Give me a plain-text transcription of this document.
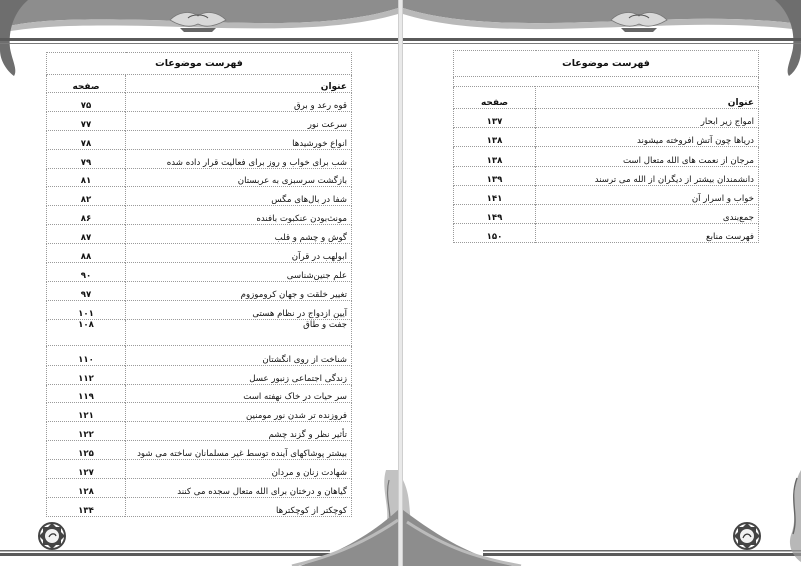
فهرست موضوعات	
عنوان	صفحه
قوه رعد و برق	۷۵
سرعت نور	۷۷
انواع خورشیدها	۷۸
شب برای خواب و روز برای فعالیت قرار داده شده	۷۹
بازگشت سرسبزی به عربستان	۸۱
شفا در بال‌های مگس	۸۲
مونث‌بودن عنکبوت بافنده	۸۶
گوش و چشم و قلب	۸۷
ابولهب در قرآن	۸۸
علم جنین‌شناسی	۹۰
تغییر خلقت و جهان کروموزوم	۹۷
آیین ازدواج در نظام هستی	۱۰۱
جفت و طاق	۱۰۸
شناخت از روی انگشتان	۱۱۰
زندگی اجتماعی زنبور عسل	۱۱۲
سر حیات در خاک نهفته است	۱۱۹
فروزنده تر شدن نور مومنین	۱۲۱
تأثیر نظر و گزند چشم	۱۲۲
بیشتر پوشاکهای آینده توسط غیر مسلمانان ساخته می شود	۱۲۵
شهادت زنان و مردان	۱۲۷
گیاهان و درختان برای الله متعال سجده می کنند	۱۲۸
کوچکتر از کوچکترها	۱۳۴
فهرست موضوعات	

عنوان	صفحه
امواج زیر ابحار	۱۳۷
دریاها چون آتش افروخته میشوند	۱۳۸
مرجان از نعمت های الله متعال است	۱۳۸
دانشمندان بیشتر از دیگران از الله می ترسند	۱۳۹
خواب و اسرار آن	۱۴۱
جمع‌بندی	۱۴۹
فهرست منابع	۱۵۰
